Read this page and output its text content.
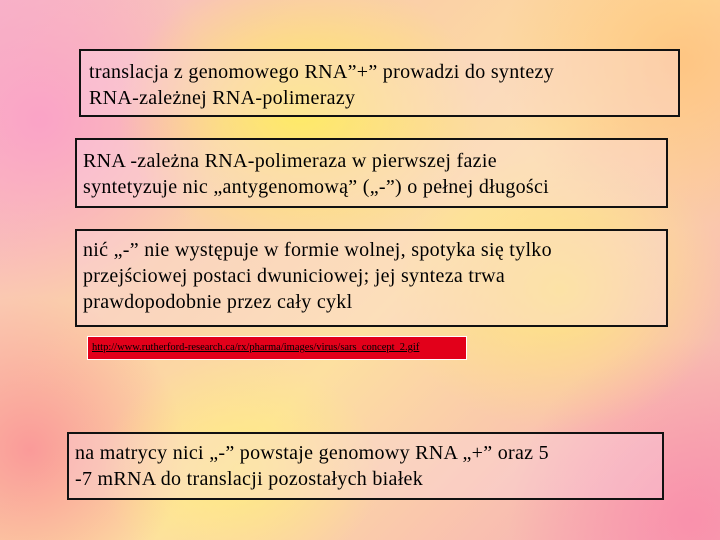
translacja z genomowego RNA”+” prowadzi do syntezy
RNA-zależnej RNA-polimerazy
RNA -zależna RNA-polimeraza w pierwszej fazie
syntetyzuje nic „antygenomową” („-”) o pełnej długości
nić „-” nie występuje w formie wolnej, spotyka się tylko
przejściowej postaci dwuniciowej; jej synteza trwa
prawdopodobnie przez cały cykl
http://www.rutherford-research.ca/rx/pharma/images/virus/sars_concept_2.gif
na matrycy nici „-” powstaje genomowy RNA „+” oraz 5
-7 mRNA do translacji pozostałych białek
